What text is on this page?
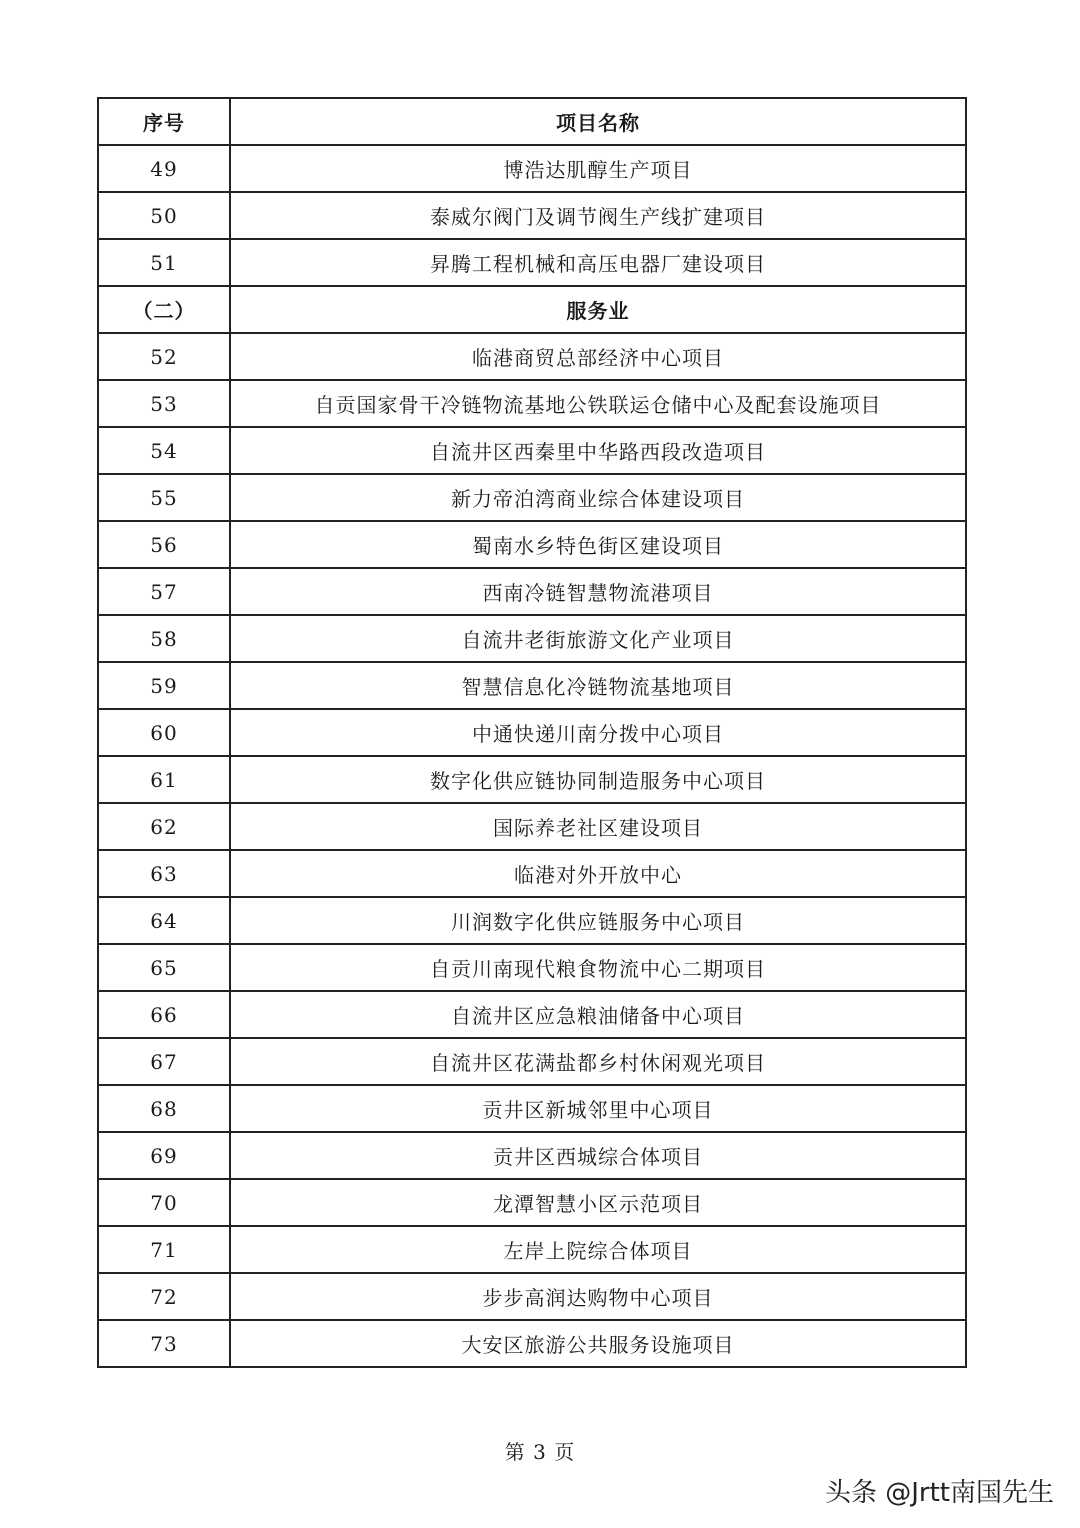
序号	项目名称
49	博浩达肌醇生产项目
50	泰威尔阀门及调节阀生产线扩建项目
51	昇腾工程机械和高压电器厂建设项目
（二）	服务业
52	临港商贸总部经济中心项目
53	自贡国家骨干冷链物流基地公铁联运仓储中心及配套设施项目
54	自流井区西秦里中华路西段改造项目
55	新力帝泊湾商业综合体建设项目
56	蜀南水乡特色街区建设项目
57	西南冷链智慧物流港项目
58	自流井老街旅游文化产业项目
59	智慧信息化冷链物流基地项目
60	中通快递川南分拨中心项目
61	数字化供应链协同制造服务中心项目
62	国际养老社区建设项目
63	临港对外开放中心
64	川润数字化供应链服务中心项目
65	自贡川南现代粮食物流中心二期项目
66	自流井区应急粮油储备中心项目
67	自流井区花满盐都乡村休闲观光项目
68	贡井区新城邻里中心项目
69	贡井区西城综合体项目
70	龙潭智慧小区示范项目
71	左岸上院综合体项目
72	步步高润达购物中心项目
73	大安区旅游公共服务设施项目
第 3 页
头条 @Jrtt南国先生
